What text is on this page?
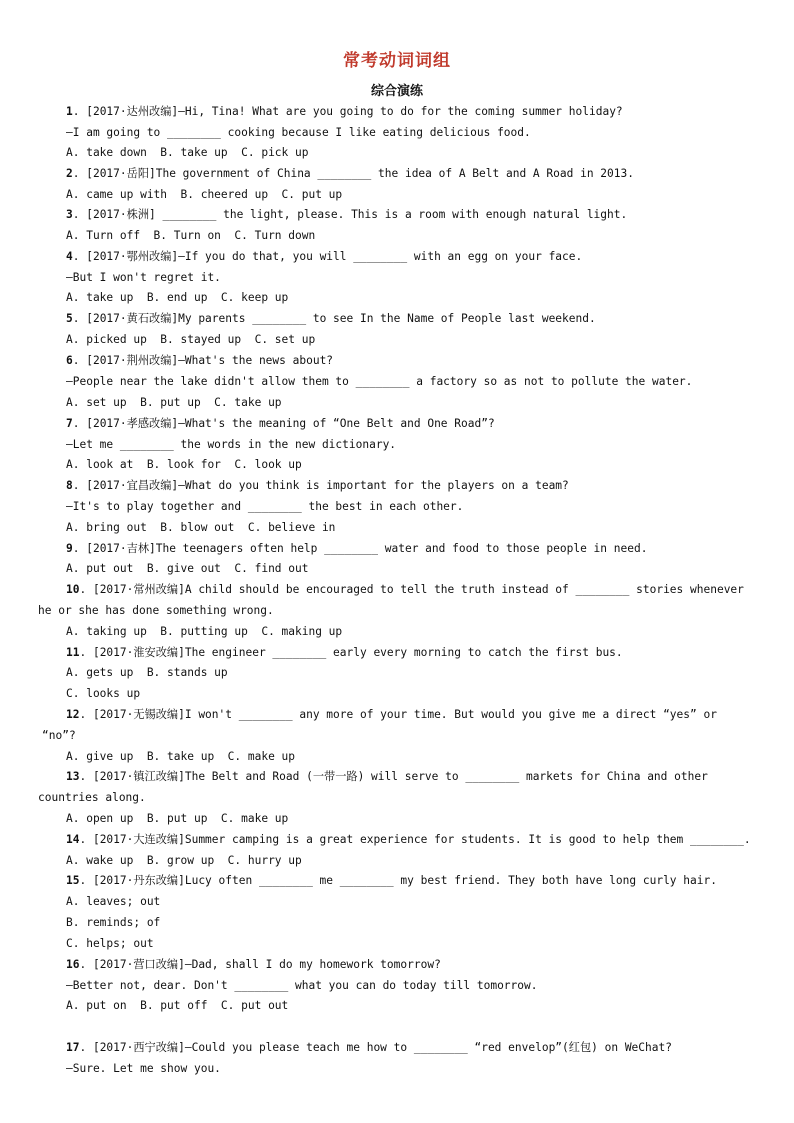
常考动词词组
综合演练
1. [2017·达州改编]—Hi, Tina! What are you going to do for the coming summer holiday?
—I am going to ________ cooking because I like eating delicious food.
A. take down  B. take up  C. pick up
2. [2017·岳阳]The government of China ________ the idea of A Belt and A Road in 2013.
A. came up with  B. cheered up  C. put up
3. [2017·株洲] ________ the light, please. This is a room with enough natural light.
A. Turn off  B. Turn on  C. Turn down
4. [2017·鄂州改编]—If you do that, you will ________ with an egg on your face.
—But I won't regret it.
A. take up  B. end up  C. keep up
5. [2017·黄石改编]My parents ________ to see In the Name of People last weekend.
A. picked up  B. stayed up  C. set up
6. [2017·荆州改编]—What's the news about?
—People near the lake didn't allow them to ________ a factory so as not to pollute the water.
A. set up  B. put up  C. take up
7. [2017·孝感改编]—What's the meaning of “One Belt and One Road”?
—Let me ________ the words in the new dictionary.
A. look at  B. look for  C. look up
8. [2017·宜昌改编]—What do you think is important for the players on a team?
—It's to play together and ________ the best in each other.
A. bring out  B. blow out  C. believe in
9. [2017·吉林]The teenagers often help ________ water and food to those people in need.
A. put out  B. give out  C. find out
10. [2017·常州改编]A child should be encouraged to tell the truth instead of ________ stories whenever
he or she has done something wrong.
A. taking up  B. putting up  C. making up
11. [2017·淮安改编]The engineer ________ early every morning to catch the first bus.
A. gets up  B. stands up
C. looks up
12. [2017·无锡改编]I won't ________ any more of your time. But would you give me a direct “yes” or
“no”?
A. give up  B. take up  C. make up
13. [2017·镇江改编]The Belt and Road (一带一路) will serve to ________ markets for China and other
countries along.
A. open up  B. put up  C. make up
14. [2017·大连改编]Summer camping is a great experience for students. It is good to help them ________.
A. wake up  B. grow up  C. hurry up
15. [2017·丹东改编]Lucy often ________ me ________ my best friend. They both have long curly hair.
A. leaves; out
B. reminds; of
C. helps; out
16. [2017·营口改编]—Dad, shall I do my homework tomorrow?
—Better not, dear. Don't ________ what you can do today till tomorrow.
A. put on  B. put off  C. put out
17. [2017·西宁改编]—Could you please teach me how to ________ “red envelop”(红包) on WeChat?
—Sure. Let me show you.
